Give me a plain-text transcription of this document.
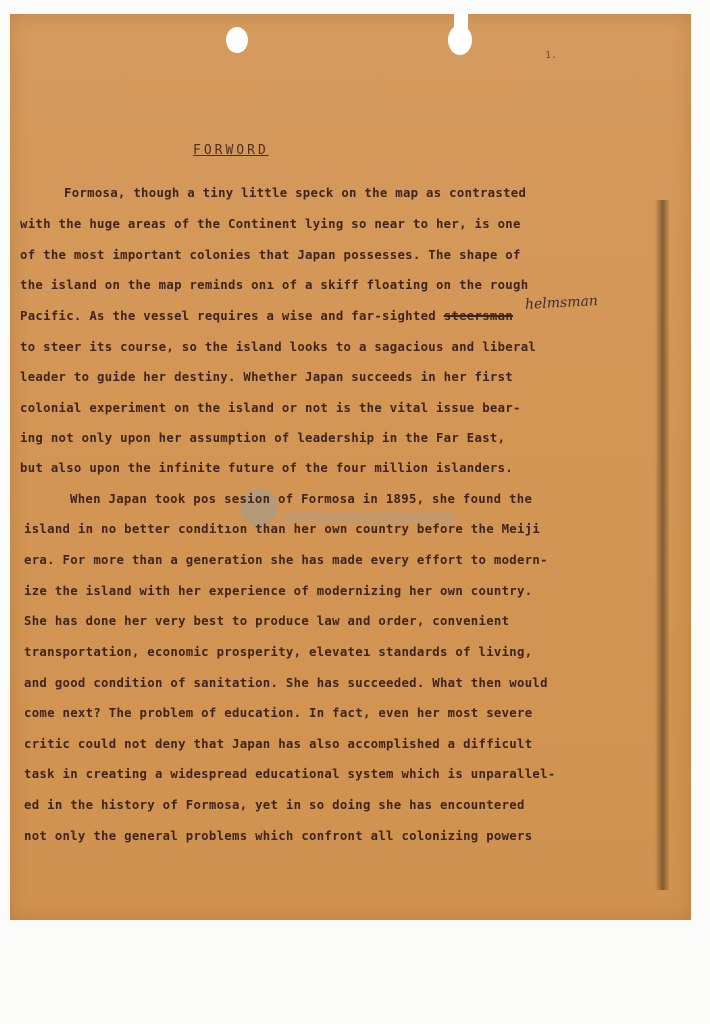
1.
FORWORD
Formosa, though a tiny little speck on the map as contrasted
with the huge areas of the Continent lying so near to her, is one
of the most important colonies that Japan possesses. The shape of
the island on the map reminds onı of a skiff floating on the rough
Pacific. As the vessel requires a wise and far-sighted steersman
helmsman
to steer its course, so the island looks to a sagacious and liberal
leader to guide her destiny. Whether Japan succeeds in her first
colonial experiment on the island or not is the vital issue bear-
ing not only upon her assumption of leadership in the Far East,
but also upon the infinite future of the four million islanders.
When Japan took pos seѕion of Formosa in 1895, she found the
island in no better conditıon than her own country before the Meiji
era. For more than a generation she has made every effort to modern-
ize the island with her experience of modernizing her own country.
She has done her very best to produce law and order, convenient
transportation, economic prosperity, elevateı standards of living,
and good condition of sanitation. She has succeeded. What then would
come next? The problem of education. In fact, even her most severe
critic could not deny that Japan has also accomplished a difficult
task in creating a widespread educational system which is unparallel-
ed in the history of Formosa, yet in so doing she has encountered
not only the general problems which confront all colonizing powers
